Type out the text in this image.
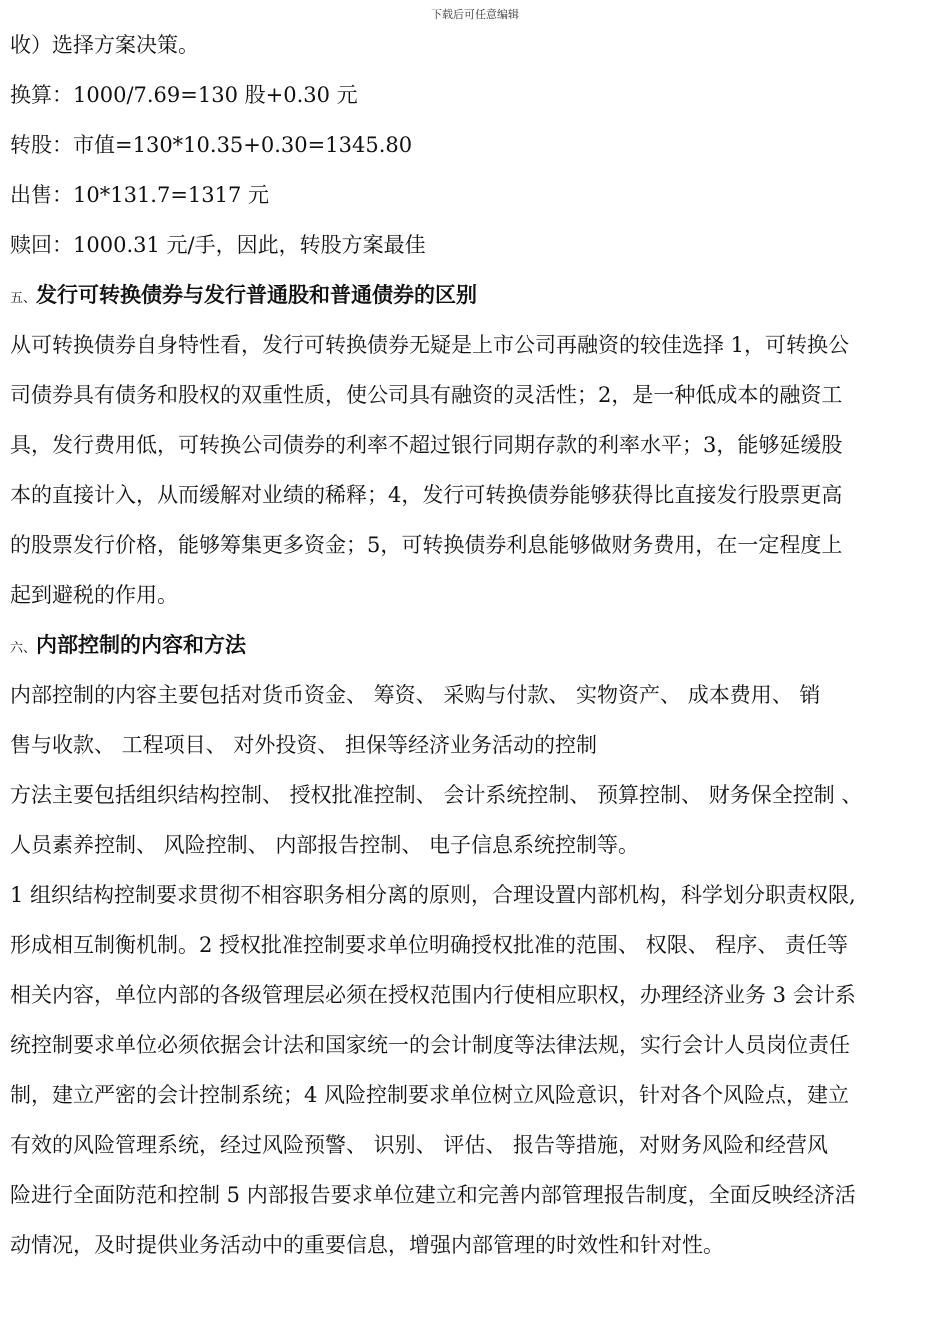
下载后可任意编辑
收）选择方案决策。
换算：1000/7.69=130 股+0.30 元
转股：市值=130*10.35+0.30=1345.80
出售：10*131.7=1317 元
赎回：1000.31 元/手，因此，转股方案最佳
五、发行可转换债券与发行普通股和普通债券的区别
从可转换债券自身特性看，发行可转换债券无疑是上市公司再融资的较佳选择 1，可转换公
司债券具有债务和股权的双重性质，使公司具有融资的灵活性；2，是一种低成本的融资工
具，发行费用低，可转换公司债券的利率不超过银行同期存款的利率水平；3，能够延缓股
本的直接计入，从而缓解对业绩的稀释；4，发行可转换债券能够获得比直接发行股票更高
的股票发行价格，能够筹集更多资金；5，可转换债券利息能够做财务费用，在一定程度上
起到避税的作用。
六、内部控制的内容和方法
内部控制的内容主要包括对货币资金、 筹资、 采购与付款、 实物资产、 成本费用、 销
售与收款、 工程项目、 对外投资、 担保等经济业务活动的控制
方法主要包括组织结构控制、 授权批准控制、 会计系统控制、 预算控制、 财务保全控制 、
人员素养控制、 风险控制、 内部报告控制、 电子信息系统控制等。
1 组织结构控制要求贯彻不相容职务相分离的原则，合理设置内部机构，科学划分职责权限,
形成相互制衡机制。2 授权批准控制要求单位明确授权批准的范围、 权限、 程序、 责任等
相关内容，单位内部的各级管理层必须在授权范围内行使相应职权，办理经济业务 3 会计系
统控制要求单位必须依据会计法和国家统一的会计制度等法律法规，实行会计人员岗位责任
制，建立严密的会计控制系统；4 风险控制要求单位树立风险意识，针对各个风险点，建立
有效的风险管理系统，经过风险预警、 识别、 评估、 报告等措施，对财务风险和经营风
险进行全面防范和控制 5 内部报告要求单位建立和完善内部管理报告制度，全面反映经济活
动情况，及时提供业务活动中的重要信息，增强内部管理的时效性和针对性。
